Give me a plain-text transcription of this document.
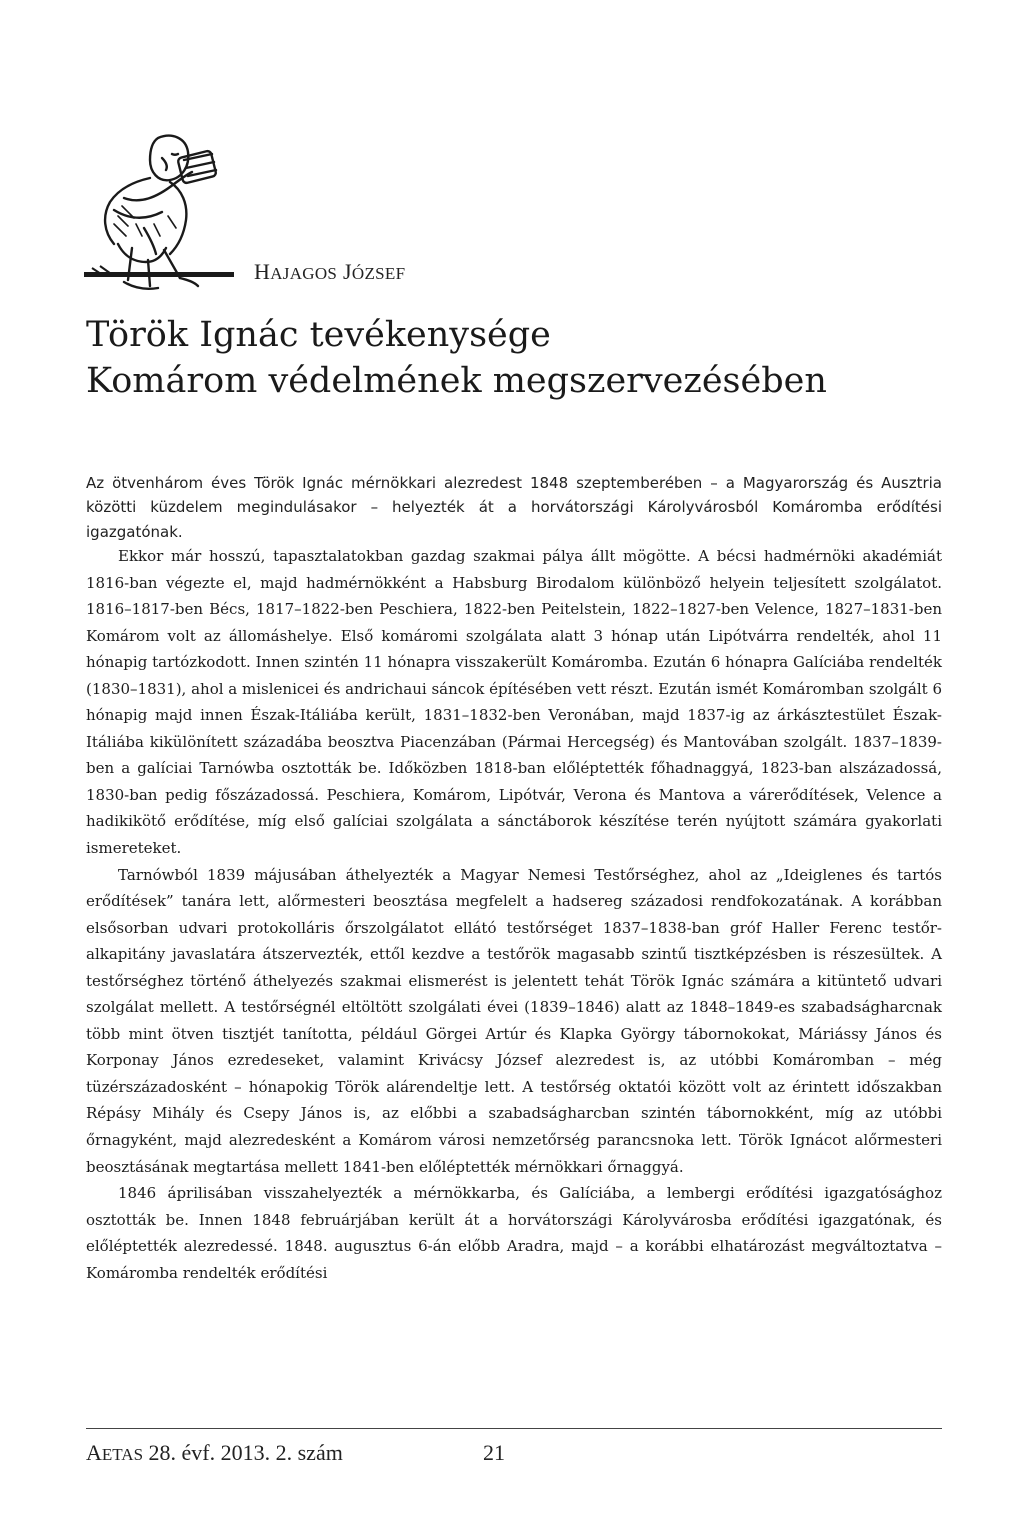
HAJAGOS JÓZSEF
Török Ignác tevékenysége
Komárom védelmének megszervezésében

Az ötvenhárom éves Török Ignác mérnökkari alezredest 1848 szeptemberében – a Magyarország és Ausztria közötti küzdelem megindulásakor – helyezték át a horvátországi Károlyvárosból Komáromba erődítési igazgatónak.

Ekkor már hosszú, tapasztalatokban gazdag szakmai pálya állt mögötte. A bécsi hadmérnöki akadémiát 1816-ban végezte el, majd hadmérnökként a Habsburg Birodalom különböző helyein teljesített szolgálatot. 1816–1817-ben Bécs, 1817–1822-ben Peschiera, 1822-ben Peitelstein, 1822–1827-ben Velence, 1827–1831-ben Komárom volt az állomáshelye. Első komáromi szolgálata alatt 3 hónap után Lipótvárra rendelték, ahol 11 hónapig tartózkodott. Innen szintén 11 hónapra visszakerült Komáromba. Ezután 6 hónapra Galíciába rendelték (1830–1831), ahol a mislenicei és andrichaui sáncok építésében vett részt. Ezután ismét Komáromban szolgált 6 hónapig majd innen Észak-Itáliába került, 1831–1832-ben Veronában, majd 1837-ig az árkásztestület Észak-Itáliába kikülönített századába beosztva Piacenzában (Pármai Hercegség) és Mantovában szolgált. 1837–1839-ben a galíciai Tarnówba osztották be. Időközben 1818-ban előléptették főhadnaggyá, 1823-ban alszázadossá, 1830-ban pedig főszázadossá. Peschiera, Komárom, Lipótvár, Verona és Mantova a várerődítések, Velence a hadikikötő erődítése, míg első galíciai szolgálata a sánctáborok készítése terén nyújtott számára gyakorlati ismereteket.

Tarnówból 1839 májusában áthelyezték a Magyar Nemesi Testőrséghez, ahol az „Ideiglenes és tartós erődítések” tanára lett, alőrmesteri beosztása megfelelt a hadsereg századosi rendfokozatának. A korábban elsősorban udvari protokolláris őrszolgálatot ellátó testőrséget 1837–1838-ban gróf Haller Ferenc testőr-alkapitány javaslatára átszervezték, ettől kezdve a testőrök magasabb szintű tisztképzésben is részesültek. A testőrséghez történő áthelyezés szakmai elismerést is jelentett tehát Török Ignác számára a kitüntető udvari szolgálat mellett. A testőrségnél eltöltött szolgálati évei (1839–1846) alatt az 1848–1849-es szabadságharcnak több mint ötven tisztjét tanította, például Görgei Artúr és Klapka György tábornokokat, Máriássy János és Korponay János ezredeseket, valamint Krivácsy József alezredest is, az utóbbi Komáromban – még tüzérszázadosként – hónapokig Török alárendeltje lett. A testőrség oktatói között volt az érintett időszakban Répásy Mihály és Csepy János is, az előbbi a szabadságharcban szintén tábornokként, míg az utóbbi őrnagyként, majd alezredesként a Komárom városi nemzetőrség parancsnoka lett. Török Ignácot alőrmesteri beosztásának megtartása mellett 1841-ben előléptették mérnökkari őrnaggyá.

1846 áprilisában visszahelyezték a mérnökkarba, és Galíciába, a lembergi erődítési igazgatósághoz osztották be. Innen 1848 februárjában került át a horvátországi Károlyvárosba erődítési igazgatónak, és előléptették alezredessé. 1848. augusztus 6-án előbb Aradra, majd – a korábbi elhatározást megváltoztatva – Komáromba rendelték erődítési

AETAS 28. évf. 2013. 2. szám	21
